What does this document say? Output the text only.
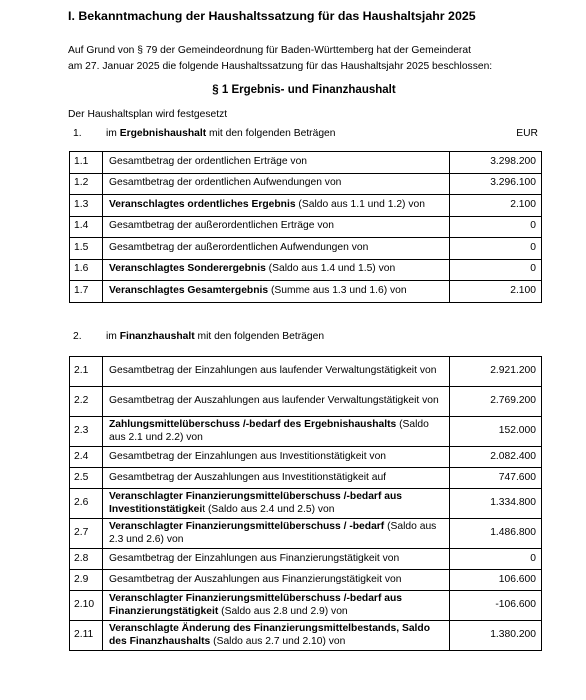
I. Bekanntmachung der Haushaltssatzung für das Haushaltsjahr 2025
Auf Grund von § 79 der Gemeindeordnung für Baden-Württemberg hat der Gemeinderat
am 27. Januar 2025 die folgende Haushaltssatzung für das Haushaltsjahr 2025 beschlossen:
§ 1 Ergebnis- und Finanzhaushalt
Der Haushaltsplan wird festgesetzt
1. im Ergebnishaushalt mit den folgenden Beträgen	EUR
1.1	Gesamtbetrag der ordentlichen Erträge von	3.298.200
1.2	Gesamtbetrag der ordentlichen Aufwendungen von	3.296.100
1.3	Veranschlagtes ordentliches Ergebnis (Saldo aus 1.1 und 1.2) von	2.100
1.4	Gesamtbetrag der außerordentlichen Erträge von	0
1.5	Gesamtbetrag der außerordentlichen Aufwendungen von	0
1.6	Veranschlagtes Sonderergebnis (Saldo aus 1.4 und 1.5) von	0
1.7	Veranschlagtes Gesamtergebnis (Summe aus 1.3 und 1.6) von	2.100
2. im Finanzhaushalt mit den folgenden Beträgen
2.1	Gesamtbetrag der Einzahlungen aus laufender Verwaltungstätigkeit von	2.921.200
2.2	Gesamtbetrag der Auszahlungen aus laufender Verwaltungstätigkeit von	2.769.200
2.3	Zahlungsmittelüberschuss /-bedarf des Ergebnishaushalts (Saldo aus 2.1 und 2.2) von	152.000
2.4	Gesamtbetrag der Einzahlungen aus Investitionstätigkeit von	2.082.400
2.5	Gesamtbetrag der Auszahlungen aus Investitionstätigkeit auf	747.600
2.6	Veranschlagter Finanzierungsmittelüberschuss /-bedarf aus Investitionstätigkeit (Saldo aus 2.4 und 2.5) von	1.334.800
2.7	Veranschlagter Finanzierungsmittelüberschuss / -bedarf (Saldo aus 2.3 und 2.6) von	1.486.800
2.8	Gesamtbetrag der Einzahlungen aus Finanzierungstätigkeit von	0
2.9	Gesamtbetrag der Auszahlungen aus Finanzierungstätigkeit von	106.600
2.10	Veranschlagter Finanzierungsmittelüberschuss /-bedarf aus Finanzierungstätigkeit (Saldo aus 2.8 und 2.9) von	-106.600
2.11	Veranschlagte Änderung des Finanzierungsmittelbestands, Saldo des Finanzhaushalts (Saldo aus 2.7 und 2.10) von	1.380.200
